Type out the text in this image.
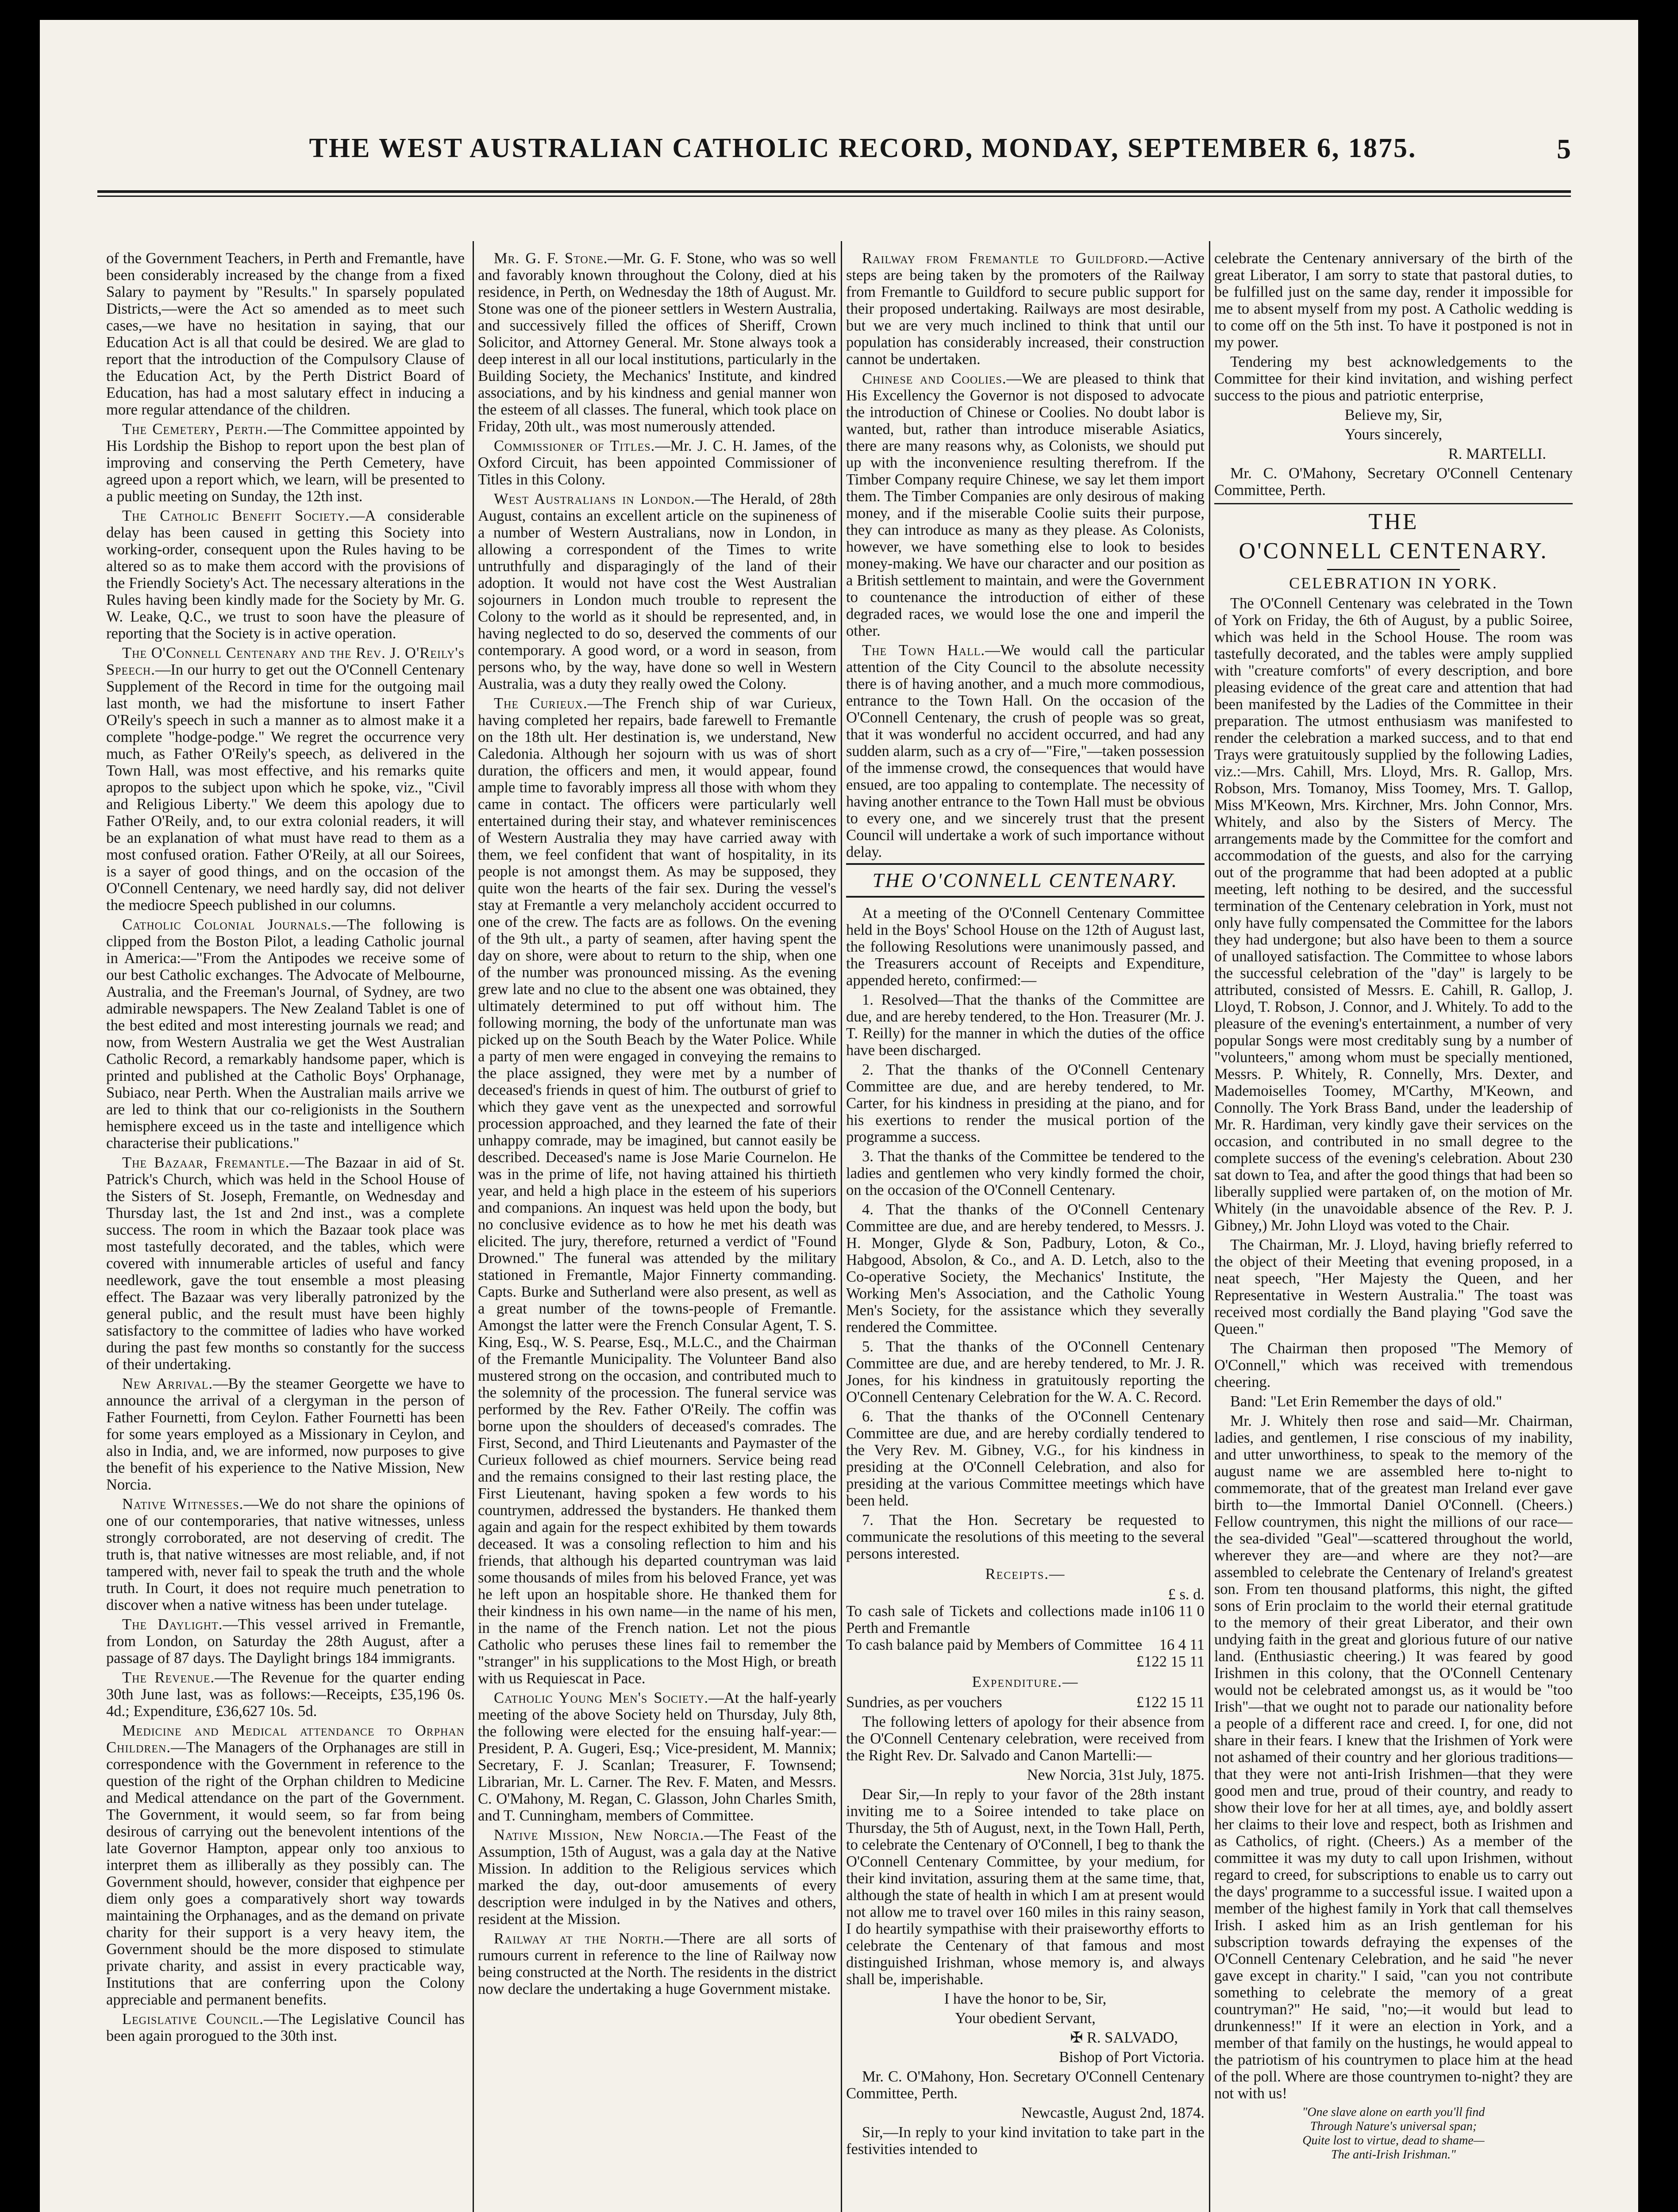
THE WEST AUSTRALIAN CATHOLIC RECORD, MONDAY, SEPTEMBER 6, 1875.	5

of the Government Teachers, in Perth and Fremantle, have been considerably increased by the change from a fixed Salary to payment by "Results." In sparsely populated Districts,—were the Act so amended as to meet such cases,—we have no hesitation in saying, that our Education Act is all that could be desired. We are glad to report that the introduction of the Compulsory Clause of the Education Act, by the Perth District Board of Education, has had a most salutary effect in inducing a more regular attendance of the children.

The Cemetery, Perth.—The Committee appointed by His Lordship the Bishop to report upon the best plan of improving and conserving the Perth Cemetery, have agreed upon a report which, we learn, will be presented to a public meeting on Sunday, the 12th inst.

The Catholic Benefit Society.—A considerable delay has been caused in getting this Society into working-order, consequent upon the Rules having to be altered so as to make them accord with the provisions of the Friendly Society's Act. The necessary alterations in the Rules having been kindly made for the Society by Mr. G. W. Leake, Q.C., we trust to soon have the pleasure of reporting that the Society is in active operation.

The O'Connell Centenary and the Rev. J. O'Reily's Speech.—In our hurry to get out the O'Connell Centenary Supplement of the Record in time for the outgoing mail last month, we had the misfortune to insert Father O'Reily's speech in such a manner as to almost make it a complete "hodge-podge." We regret the occurrence very much, as Father O'Reily's speech, as delivered in the Town Hall, was most effective, and his remarks quite apropos to the subject upon which he spoke, viz., "Civil and Religious Liberty." We deem this apology due to Father O'Reily, and, to our extra colonial readers, it will be an explanation of what must have read to them as a most confused oration. Father O'Reily, at all our Soirees, is a sayer of good things, and on the occasion of the O'Connell Centenary, we need hardly say, did not deliver the mediocre Speech published in our columns.

Catholic Colonial Journals.—The following is clipped from the Boston Pilot, a leading Catholic journal in America:—"From the Antipodes we receive some of our best Catholic exchanges. The Advocate of Melbourne, Australia, and the Freeman's Journal, of Sydney, are two admirable newspapers. The New Zealand Tablet is one of the best edited and most interesting journals we read; and now, from Western Australia we get the West Australian Catholic Record, a remarkably handsome paper, which is printed and published at the Catholic Boys' Orphanage, Subiaco, near Perth. When the Australian mails arrive we are led to think that our co-religionists in the Southern hemisphere exceed us in the taste and intelligence which characterise their publications."

The Bazaar, Fremantle.—The Bazaar in aid of St. Patrick's Church, which was held in the School House of the Sisters of St. Joseph, Fremantle, on Wednesday and Thursday last, the 1st and 2nd inst., was a complete success. The room in which the Bazaar took place was most tastefully decorated, and the tables, which were covered with innumerable articles of useful and fancy needlework, gave the tout ensemble a most pleasing effect. The Bazaar was very liberally patronized by the general public, and the result must have been highly satisfactory to the committee of ladies who have worked during the past few months so constantly for the success of their undertaking.

New Arrival.—By the steamer Georgette we have to announce the arrival of a clergyman in the person of Father Fournetti, from Ceylon. Father Fournetti has been for some years employed as a Missionary in Ceylon, and also in India, and, we are informed, now purposes to give the benefit of his experience to the Native Mission, New Norcia.

Native Witnesses.—We do not share the opinions of one of our contemporaries, that native witnesses, unless strongly corroborated, are not deserving of credit. The truth is, that native witnesses are most reliable, and, if not tampered with, never fail to speak the truth and the whole truth. In Court, it does not require much penetration to discover when a native witness has been under tutelage.

The Daylight.—This vessel arrived in Fremantle, from London, on Saturday the 28th August, after a passage of 87 days. The Daylight brings 184 immigrants.

The Revenue.—The Revenue for the quarter ending 30th June last, was as follows:—Receipts, £35,196 0s. 4d.; Expenditure, £36,627 10s. 5d.

Medicine and Medical attendance to Orphan Children.—The Managers of the Orphanages are still in correspondence with the Government in reference to the question of the right of the Orphan children to Medicine and Medical attendance on the part of the Government. The Government, it would seem, so far from being desirous of carrying out the benevolent intentions of the late Governor Hampton, appear only too anxious to interpret them as illiberally as they possibly can. The Government should, however, consider that eighpence per diem only goes a comparatively short way towards maintaining the Orphanages, and as the demand on private charity for their support is a very heavy item, the Government should be the more disposed to stimulate private charity, and assist in every practicable way, Institutions that are conferring upon the Colony appreciable and permanent benefits.

Legislative Council.—The Legislative Council has been again prorogued to the 30th inst.

Mr. G. F. Stone.—Mr. G. F. Stone, who was so well and favorably known throughout the Colony, died at his residence, in Perth, on Wednesday the 18th of August. Mr. Stone was one of the pioneer settlers in Western Australia, and successively filled the offices of Sheriff, Crown Solicitor, and Attorney General. Mr. Stone always took a deep interest in all our local institutions, particularly in the Building Society, the Mechanics' Institute, and kindred associations, and by his kindness and genial manner won the esteem of all classes. The funeral, which took place on Friday, 20th ult., was most numerously attended.

Commissioner of Titles.—Mr. J. C. H. James, of the Oxford Circuit, has been appointed Commissioner of Titles in this Colony.

West Australians in London.—The Herald, of 28th August, contains an excellent article on the supineness of a number of Western Australians, now in London, in allowing a correspondent of the Times to write untruthfully and disparagingly of the land of their adoption. It would not have cost the West Australian sojourners in London much trouble to represent the Colony to the world as it should be represented, and, in having neglected to do so, deserved the comments of our contemporary. A good word, or a word in season, from persons who, by the way, have done so well in Western Australia, was a duty they really owed the Colony.

The Curieux.—The French ship of war Curieux, having completed her repairs, bade farewell to Fremantle on the 18th ult. Her destination is, we understand, New Caledonia. Although her sojourn with us was of short duration, the officers and men, it would appear, found ample time to favorably impress all those with whom they came in contact. The officers were particularly well entertained during their stay, and whatever reminiscences of Western Australia they may have carried away with them, we feel confident that want of hospitality, in its people is not amongst them. As may be supposed, they quite won the hearts of the fair sex. During the vessel's stay at Fremantle a very melancholy accident occurred to one of the crew. The facts are as follows. On the evening of the 9th ult., a party of seamen, after having spent the day on shore, were about to return to the ship, when one of the number was pronounced missing. As the evening grew late and no clue to the absent one was obtained, they ultimately determined to put off without him. The following morning, the body of the unfortunate man was picked up on the South Beach by the Water Police. While a party of men were engaged in conveying the remains to the place assigned, they were met by a number of deceased's friends in quest of him. The outburst of grief to which they gave vent as the unexpected and sorrowful procession approached, and they learned the fate of their unhappy comrade, may be imagined, but cannot easily be described. Deceased's name is Jose Marie Cournelon. He was in the prime of life, not having attained his thirtieth year, and held a high place in the esteem of his superiors and companions. An inquest was held upon the body, but no conclusive evidence as to how he met his death was elicited. The jury, therefore, returned a verdict of "Found Drowned." The funeral was attended by the military stationed in Fremantle, Major Finnerty commanding. Capts. Burke and Sutherland were also present, as well as a great number of the towns-people of Fremantle. Amongst the latter were the French Consular Agent, T. S. King, Esq., W. S. Pearse, Esq., M.L.C., and the Chairman of the Fremantle Municipality. The Volunteer Band also mustered strong on the occasion, and contributed much to the solemnity of the procession. The funeral service was performed by the Rev. Father O'Reily. The coffin was borne upon the shoulders of deceased's comrades. The First, Second, and Third Lieutenants and Paymaster of the Curieux followed as chief mourners. Service being read and the remains consigned to their last resting place, the First Lieutenant, having spoken a few words to his countrymen, addressed the bystanders. He thanked them again and again for the respect exhibited by them towards deceased. It was a consoling reflection to him and his friends, that although his departed countryman was laid some thousands of miles from his beloved France, yet was he left upon an hospitable shore. He thanked them for their kindness in his own name—in the name of his men, in the name of the French nation. Let not the pious Catholic who peruses these lines fail to remember the "stranger" in his supplications to the Most High, or breath with us Requiescat in Pace.

Catholic Young Men's Society.—At the half-yearly meeting of the above Society held on Thursday, July 8th, the following were elected for the ensuing half-year:—President, P. A. Gugeri, Esq.; Vice-president, M. Mannix; Secretary, F. J. Scanlan; Treasurer, F. Townsend; Librarian, Mr. L. Carner. The Rev. F. Maten, and Messrs. C. O'Mahony, M. Regan, C. Glasson, John Charles Smith, and T. Cunningham, members of Committee.

Native Mission, New Norcia.—The Feast of the Assumption, 15th of August, was a gala day at the Native Mission. In addition to the Religious services which marked the day, out-door amusements of every description were indulged in by the Natives and others, resident at the Mission.

Railway at the North.—There are all sorts of rumours current in reference to the line of Railway now being constructed at the North. The residents in the district now declare the undertaking a huge Government mistake.

Railway from Fremantle to Guildford.—Active steps are being taken by the promoters of the Railway from Fremantle to Guildford to secure public support for their proposed undertaking. Railways are most desirable, but we are very much inclined to think that until our population has considerably increased, their construction cannot be undertaken.

Chinese and Coolies.—We are pleased to think that His Excellency the Governor is not disposed to advocate the introduction of Chinese or Coolies. No doubt labor is wanted, but, rather than introduce miserable Asiatics, there are many reasons why, as Colonists, we should put up with the inconvenience resulting therefrom. If the Timber Company require Chinese, we say let them import them. The Timber Companies are only desirous of making money, and if the miserable Coolie suits their purpose, they can introduce as many as they please. As Colonists, however, we have something else to look to besides money-making. We have our character and our position as a British settlement to maintain, and were the Government to countenance the introduction of either of these degraded races, we would lose the one and imperil the other.

The Town Hall.—We would call the particular attention of the City Council to the absolute necessity there is of having another, and a much more commodious, entrance to the Town Hall. On the occasion of the O'Connell Centenary, the crush of people was so great, that it was wonderful no accident occurred, and had any sudden alarm, such as a cry of—"Fire,"—taken possession of the immense crowd, the consequences that would have ensued, are too appaling to contemplate. The necessity of having another entrance to the Town Hall must be obvious to every one, and we sincerely trust that the present Council will undertake a work of such importance without delay.

THE O'CONNELL CENTENARY.

At a meeting of the O'Connell Centenary Committee held in the Boys' School House on the 12th of August last, the following Resolutions were unanimously passed, and the Treasurers account of Receipts and Expenditure, appended hereto, confirmed:—

1. Resolved—That the thanks of the Committee are due, and are hereby tendered, to the Hon. Treasurer (Mr. J. T. Reilly) for the manner in which the duties of the office have been discharged.

2. That the thanks of the O'Connell Centenary Committee are due, and are hereby tendered, to Mr. Carter, for his kindness in presiding at the piano, and for his exertions to render the musical portion of the programme a success.

3. That the thanks of the Committee be tendered to the ladies and gentlemen who very kindly formed the choir, on the occasion of the O'Connell Centenary.

4. That the thanks of the O'Connell Centenary Committee are due, and are hereby tendered, to Messrs. J. H. Monger, Glyde & Son, Padbury, Loton, & Co., Habgood, Absolon, & Co., and A. D. Letch, also to the Co-operative Society, the Mechanics' Institute, the Working Men's Association, and the Catholic Young Men's Society, for the assistance which they severally rendered the Committee.

5. That the thanks of the O'Connell Centenary Committee are due, and are hereby tendered, to Mr. J. R. Jones, for his kindness in gratuitously reporting the O'Connell Centenary Celebration for the W. A. C. Record.

6. That the thanks of the O'Connell Centenary Committee are due, and are hereby cordially tendered to the Very Rev. M. Gibney, V.G., for his kindness in presiding at the O'Connell Celebration, and also for presiding at the various Committee meetings which have been held.

7. That the Hon. Secretary be requested to communicate the resolutions of this meeting to the several persons interested.

Receipts.—
£ s. d.
To cash sale of Tickets and collections made in Perth and Fremantle
106 11 0
To cash balance paid by Members of Committee	16 4 11
£122 15 11
Expenditure.—
Sundries, as per vouchers	£122 15 11

The following letters of apology for their absence from the O'Connell Centenary celebration, were received from the Right Rev. Dr. Salvado and Canon Martelli:—

New Norcia, 31st July, 1875.

Dear Sir,—In reply to your favor of the 28th instant inviting me to a Soiree intended to take place on Thursday, the 5th of August, next, in the Town Hall, Perth, to celebrate the Centenary of O'Connell, I beg to thank the O'Connell Centenary Committee, by your medium, for their kind invitation, assuring them at the same time, that, although the state of health in which I am at present would not allow me to travel over 160 miles in this rainy season, I do heartily sympathise with their praiseworthy efforts to celebrate the Centenary of that famous and most distinguished Irishman, whose memory is, and always shall be, imperishable.

I have the honor to be, Sir,

Your obedient Servant,

✠ R. SALVADO,

Bishop of Port Victoria.

Mr. C. O'Mahony, Hon. Secretary O'Connell Centenary Committee, Perth.

Newcastle, August 2nd, 1874.

Sir,—In reply to your kind invitation to take part in the festivities intended to

celebrate the Centenary anniversary of the birth of the great Liberator, I am sorry to state that pastoral duties, to be fulfilled just on the same day, render it impossible for me to absent myself from my post. A Catholic wedding is to come off on the 5th inst. To have it postponed is not in my power.

Tendering my best acknowledgements to the Committee for their kind invitation, and wishing perfect success to the pious and patriotic enterprise,

Believe my, Sir,

Yours sincerely,

R. MARTELLI.

Mr. C. O'Mahony, Secretary O'Connell Centenary Committee, Perth.

THE
O'CONNELL CENTENARY.
CELEBRATION IN YORK.

The O'Connell Centenary was celebrated in the Town of York on Friday, the 6th of August, by a public Soiree, which was held in the School House. The room was tastefully decorated, and the tables were amply supplied with "creature comforts" of every description, and bore pleasing evidence of the great care and attention that had been manifested by the Ladies of the Committee in their preparation. The utmost enthusiasm was manifested to render the celebration a marked success, and to that end Trays were gratuitously supplied by the following Ladies, viz.:—Mrs. Cahill, Mrs. Lloyd, Mrs. R. Gallop, Mrs. Robson, Mrs. Tomanoy, Miss Toomey, Mrs. T. Gallop, Miss M'Keown, Mrs. Kirchner, Mrs. John Connor, Mrs. Whitely, and also by the Sisters of Mercy. The arrangements made by the Committee for the comfort and accommodation of the guests, and also for the carrying out of the programme that had been adopted at a public meeting, left nothing to be desired, and the successful termination of the Centenary celebration in York, must not only have fully compensated the Committee for the labors they had undergone; but also have been to them a source of unalloyed satisfaction. The Committee to whose labors the successful celebration of the "day" is largely to be attributed, consisted of Messrs. E. Cahill, R. Gallop, J. Lloyd, T. Robson, J. Connor, and J. Whitely. To add to the pleasure of the evening's entertainment, a number of very popular Songs were most creditably sung by a number of "volunteers," among whom must be specially mentioned, Messrs. P. Whitely, R. Connelly, Mrs. Dexter, and Mademoiselles Toomey, M'Carthy, M'Keown, and Connolly. The York Brass Band, under the leadership of Mr. R. Hardiman, very kindly gave their services on the occasion, and contributed in no small degree to the complete success of the evening's celebration. About 230 sat down to Tea, and after the good things that had been so liberally supplied were partaken of, on the motion of Mr. Whitely (in the unavoidable absence of the Rev. P. J. Gibney,) Mr. John Lloyd was voted to the Chair.

The Chairman, Mr. J. Lloyd, having briefly referred to the object of their Meeting that evening proposed, in a neat speech, "Her Majesty the Queen, and her Representative in Western Australia." The toast was received most cordially the Band playing "God save the Queen."

The Chairman then proposed "The Memory of O'Connell," which was received with tremendous cheering.

Band: "Let Erin Remember the days of old."

Mr. J. Whitely then rose and said—Mr. Chairman, ladies, and gentlemen, I rise conscious of my inability, and utter unworthiness, to speak to the memory of the august name we are assembled here to-night to commemorate, that of the greatest man Ireland ever gave birth to—the Immortal Daniel O'Connell. (Cheers.) Fellow countrymen, this night the millions of our race—the sea-divided "Geal"—scattered throughout the world, wherever they are—and where are they not?—are assembled to celebrate the Centenary of Ireland's greatest son. From ten thousand platforms, this night, the gifted sons of Erin proclaim to the world their eternal gratitude to the memory of their great Liberator, and their own undying faith in the great and glorious future of our native land. (Enthusiastic cheering.) It was feared by good Irishmen in this colony, that the O'Connell Centenary would not be celebrated amongst us, as it would be "too Irish"—that we ought not to parade our nationality before a people of a different race and creed. I, for one, did not share in their fears. I knew that the Irishmen of York were not ashamed of their country and her glorious traditions—that they were not anti-Irish Irishmen—that they were good men and true, proud of their country, and ready to show their love for her at all times, aye, and boldly assert her claims to their love and respect, both as Irishmen and as Catholics, of right. (Cheers.) As a member of the committee it was my duty to call upon Irishmen, without regard to creed, for subscriptions to enable us to carry out the days' programme to a successful issue. I waited upon a member of the highest family in York that call themselves Irish. I asked him as an Irish gentleman for his subscription towards defraying the expenses of the O'Connell Centenary Celebration, and he said "he never gave except in charity." I said, "can you not contribute something to celebrate the memory of a great countryman?" He said, "no;—it would but lead to drunkenness!" If it were an election in York, and a member of that family on the hustings, he would appeal to the patriotism of his countrymen to place him at the head of the poll. Where are those countrymen to-night? they are not with us!

"One slave alone on earth you'll find
Through Nature's universal span;
Quite lost to virtue, dead to shame—
The anti-Irish Irishman."
